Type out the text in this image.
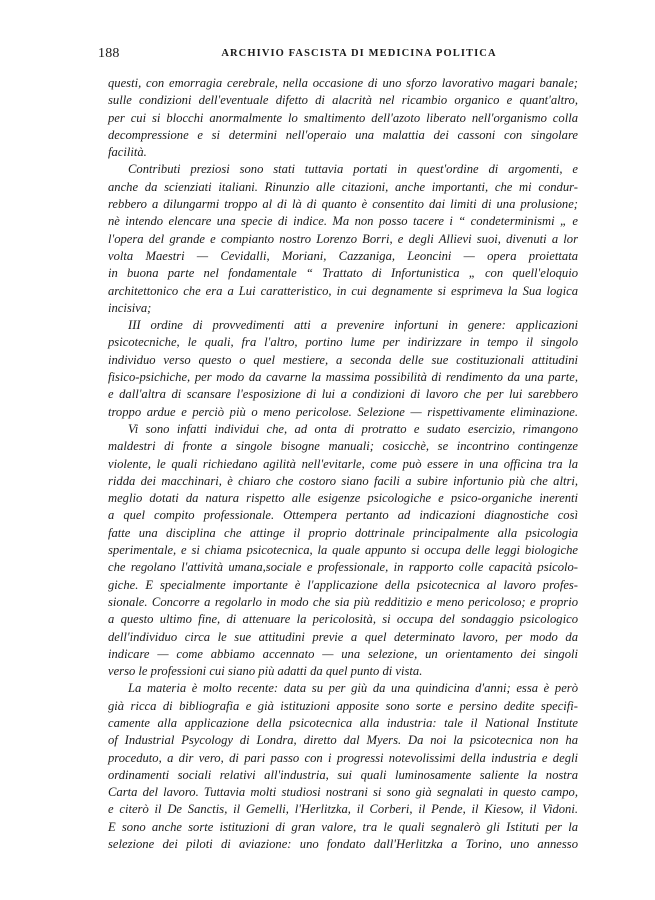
188	ARCHIVIO FASCISTA DI MEDICINA POLITICA

questi, con emorragia cerebrale, nella occasione di uno sforzo lavorativo magari banale;

sulle condizioni dell'eventuale difetto di alacrità nel ricambio organico e quant'altro,

per cui si blocchi anormalmente lo smaltimento dell'azoto liberato nell'organismo colla

decompressione e si determini nell'operaio una malattia dei cassoni con singolare

facilità.

Contributi preziosi sono stati tuttavia portati in quest'ordine di argomenti, e

anche da scienziati italiani. Rinunzio alle citazioni, anche importanti, che mi condur-

rebbero a dilungarmi troppo al di là di quanto è consentito dai limiti di una prolusione;

nè intendo elencare una specie di indice. Ma non posso tacere i “ condeterminismi „ e

l'opera del grande e compianto nostro Lorenzo Borri, e degli Allievi suoi, divenuti a lor

volta Maestri — Cevidalli, Moriani, Cazzaniga, Leoncini — opera proiettata

in buona parte nel fondamentale “ Trattato di Infortunistica „ con quell'eloquio

architettonico che era a Lui caratteristico, in cui degnamente si esprimeva la Sua logica

incisiva;

III ordine di provvedimenti atti a prevenire infortuni in genere: applicazioni

psicotecniche, le quali, fra l'altro, portino lume per indirizzare in tempo il singolo

individuo verso questo o quel mestiere, a seconda delle sue costituzionali attitudini

fisico-psichiche, per modo da cavarne la massima possibilità di rendimento da una parte,

e dall'altra di scansare l'esposizione di lui a condizioni di lavoro che per lui sarebbero

troppo ardue e perciò più o meno pericolose. Selezione — rispettivamente eliminazione.

Vi sono infatti individui che, ad onta di protratto e sudato esercizio, rimangono

maldestri di fronte a singole bisogne manuali; cosicchè, se incontrino contingenze

violente, le quali richiedano agilità nell'evitarle, come può essere in una officina tra la

ridda dei macchinari, è chiaro che costoro siano facili a subire infortunio più che altri,

meglio dotati da natura rispetto alle esigenze psicologiche e psico-organiche inerenti

a quel compito professionale. Ottempera pertanto ad indicazioni diagnostiche così

fatte una disciplina che attinge il proprio dottrinale principalmente alla psicologia

sperimentale, e si chiama psicotecnica, la quale appunto si occupa delle leggi biologiche

che regolano l'attività umana,sociale e professionale, in rapporto colle capacità psicolo-

giche. E specialmente importante è l'applicazione della psicotecnica al lavoro profes-

sionale. Concorre a regolarlo in modo che sia più redditizio e meno pericoloso; e proprio

a questo ultimo fine, di attenuare la pericolosità, si occupa del sondaggio psicologico

dell'individuo circa le sue attitudini previe a quel determinato lavoro, per modo da

indicare — come abbiamo accennato — una selezione, un orientamento dei singoli

verso le professioni cui siano più adatti da quel punto di vista.

La materia è molto recente: data su per giù da una quindicina d'anni; essa è però

già ricca di bibliografia e già istituzioni apposite sono sorte e persino dedite specifi-

camente alla applicazione della psicotecnica alla industria: tale il National Institute

of Industrial Psycology di Londra, diretto dal Myers. Da noi la psicotecnica non ha

proceduto, a dir vero, di pari passo con i progressi notevolissimi della industria e degli

ordinamenti sociali relativi all'industria, sui quali luminosamente saliente la nostra

Carta del lavoro. Tuttavia molti studiosi nostrani si sono già segnalati in questo campo,

e citerò il De Sanctis, il Gemelli, l'Herlitzka, il Corberi, il Pende, il Kiesow, il Vidoni.

E sono anche sorte istituzioni di gran valore, tra le quali segnalerò gli Istituti per la

selezione dei piloti di aviazione: uno fondato dall'Herlitzka a Torino, uno annesso
